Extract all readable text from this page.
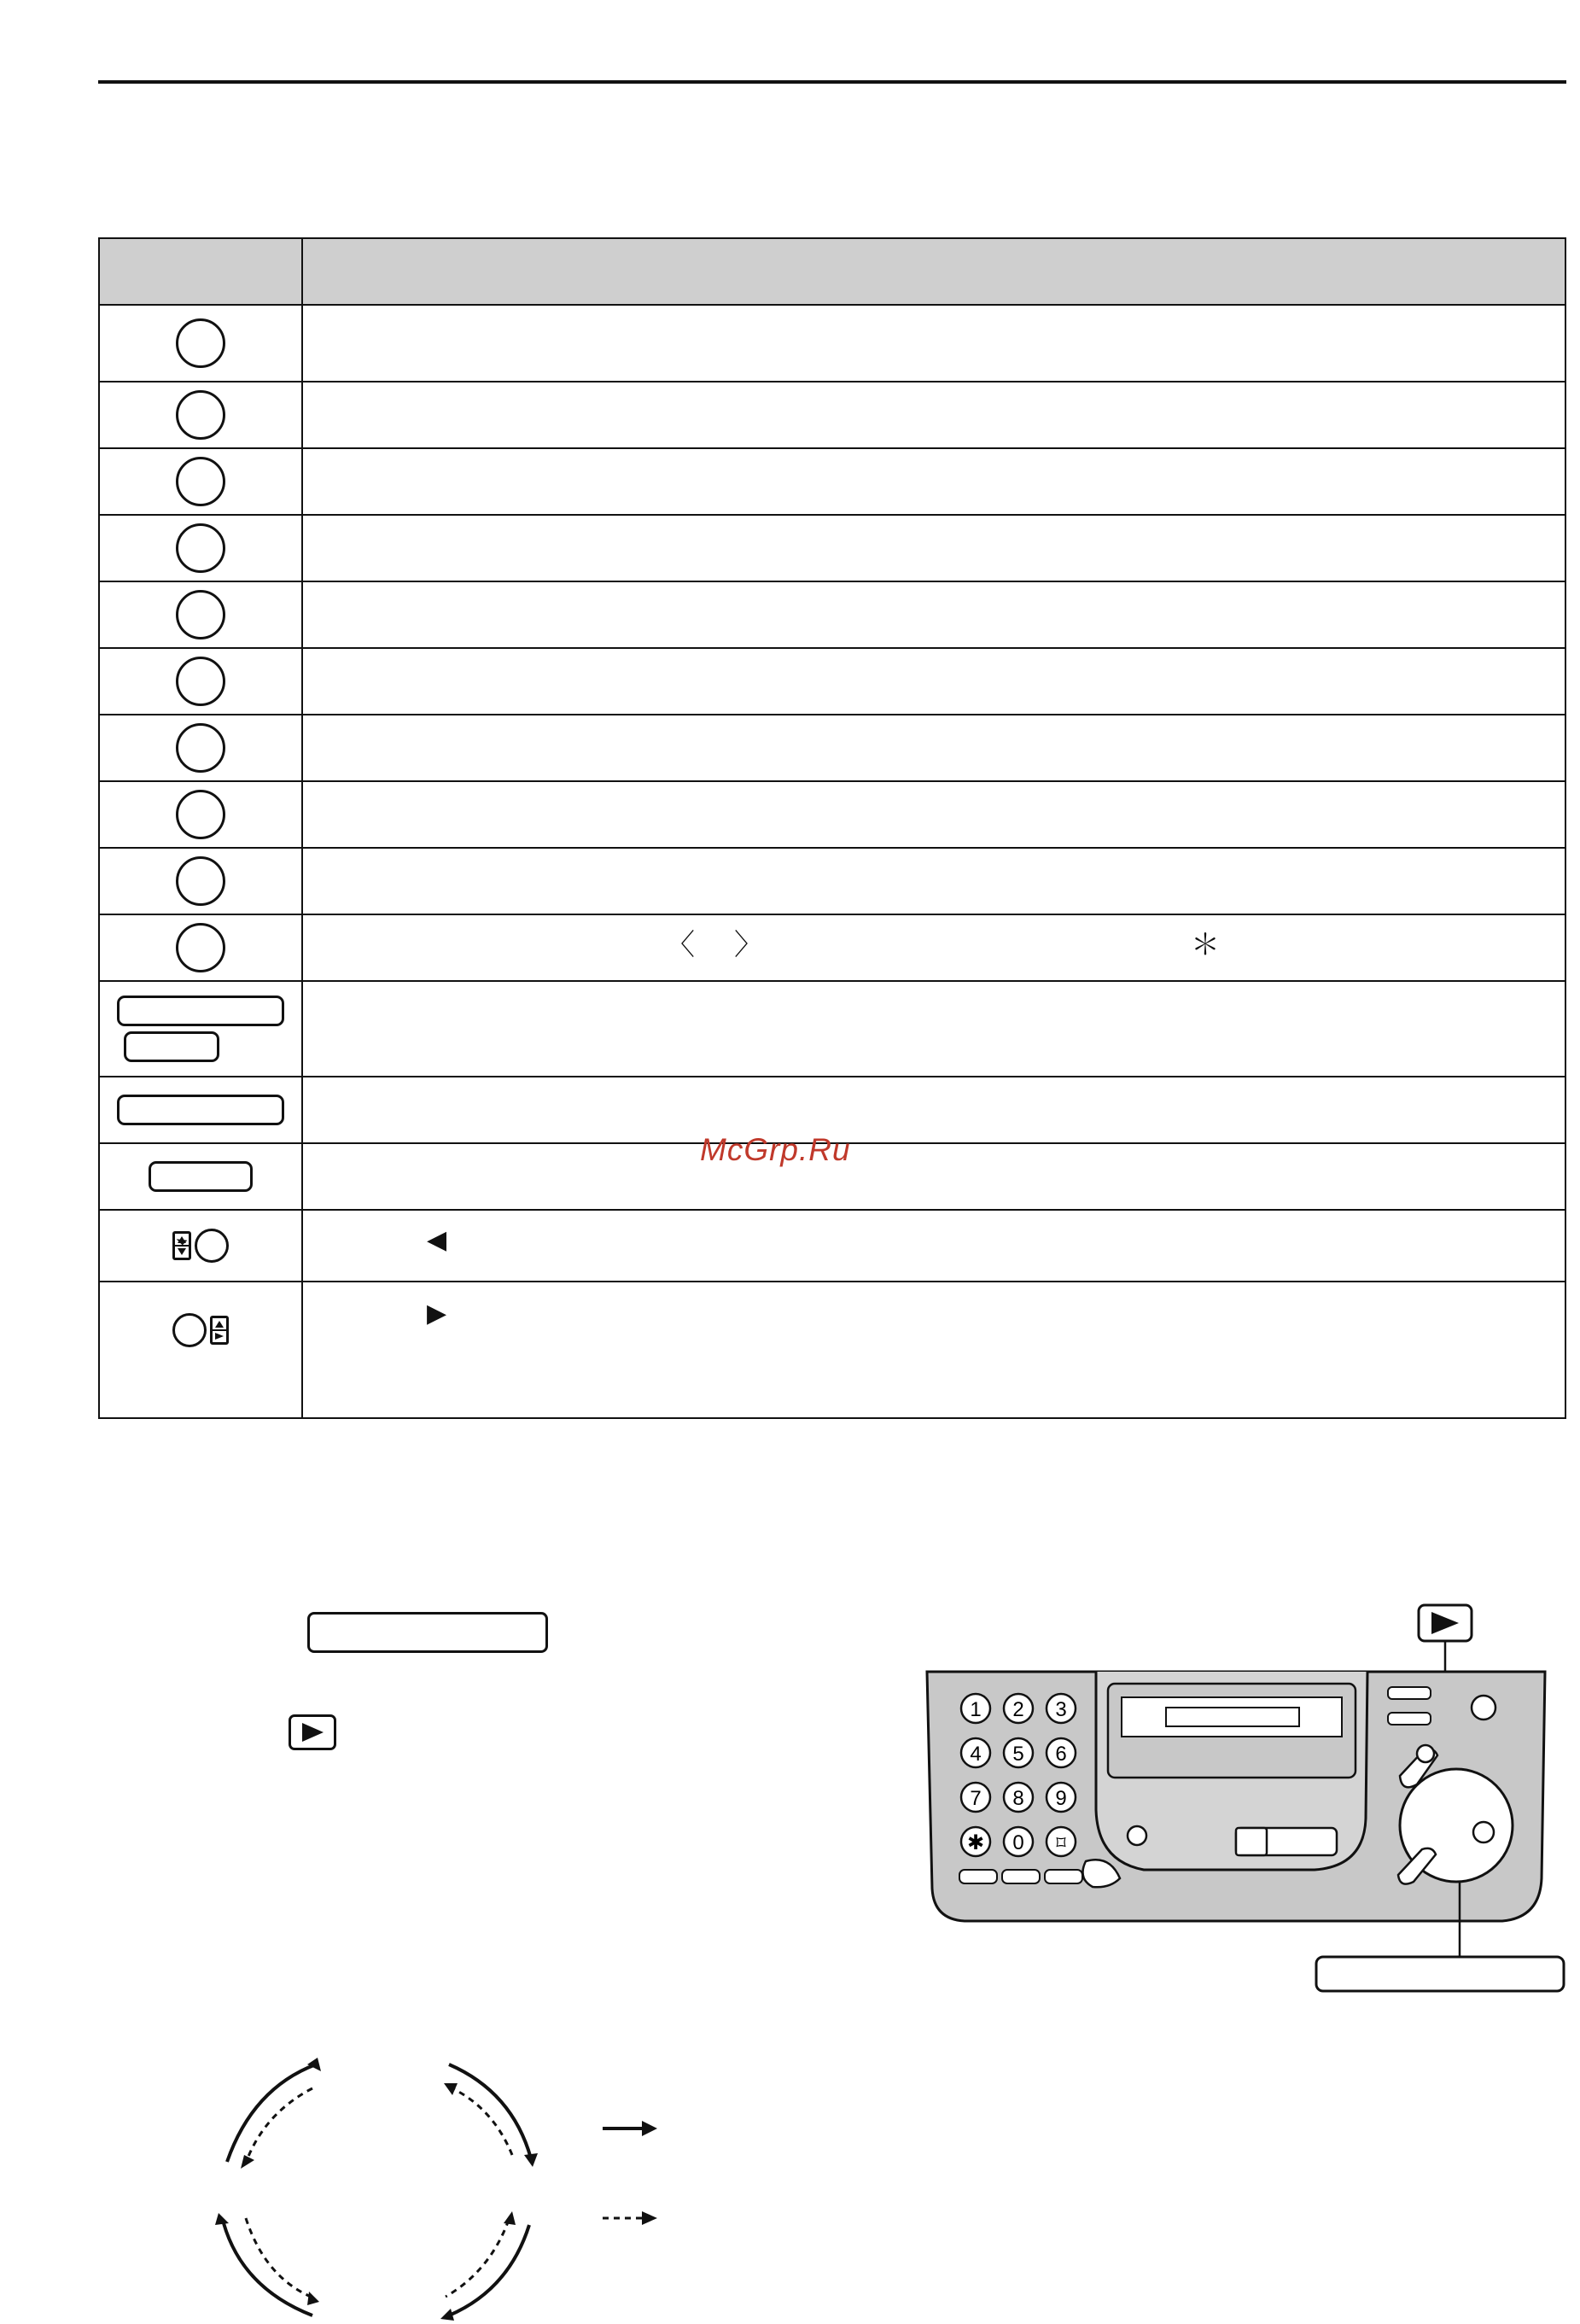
	〈 〉 ＊

◀

▶
McGrp.Ru
1 2 3
4 5 6
7 8 9
✱ 0 ⌑
